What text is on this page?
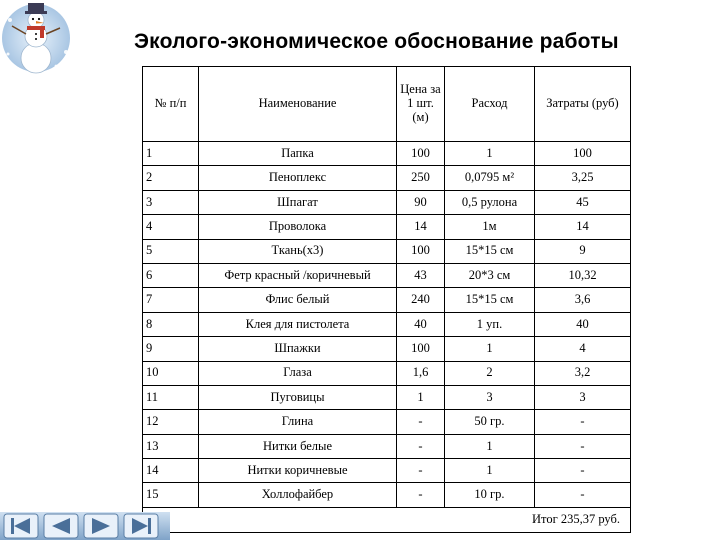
Эколого-экономическое обоснование работы
№ п/п	Наименование	Цена за 1 шт. (м)	Расход	Затраты (руб)
1	Папка	100	1	100
2	Пеноплекс	250	0,0795 м²	3,25
3	Шпагат	90	0,5 рулона	45
4	Проволока	14	1м	14
5	Ткань(х3)	100	15*15 см	9
6	Фетр красный /коричневый	43	20*3 см	10,32
7	Флис белый	240	15*15 см	3,6
8	Клея для пистолета	40	1 уп.	40
9	Шпажки	100	1	4
10	Глаза	1,6	2	3,2
11	Пуговицы	1	3	3
12	Глина	-	50 гр.	-
13	Нитки белые	-	1	-
14	Нитки коричневые	-	1	-
15	Холлофайбер	-	10 гр.	-
Итог 235,37 руб.				
